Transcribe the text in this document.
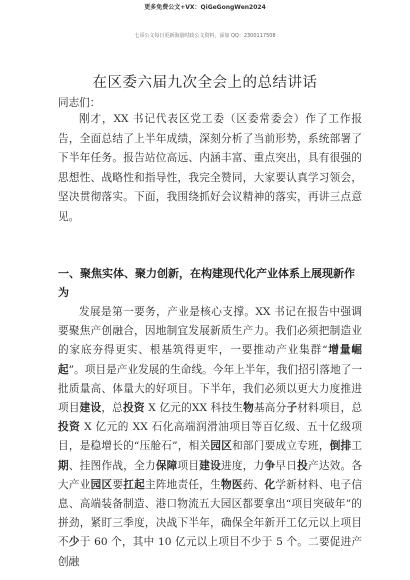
更多免费公文+VX：QiGeGongWen2024
七哥公文每日更新海量时政公文资料，添加 QQ：2300117508
在区委六届九次全会上的总结讲话
同志们：
刚才，XX 书记代表区党工委（区委常委会）作了工作报告，全面总结了上半年成绩，深刻分析了当前形势，系统部署了下半年任务。报告站位高远、内涵丰富、重点突出，具有很强的思想性、战略性和指导性，我完全赞同，大家要认真学习领会，坚决贯彻落实。下面，我围绕抓好会议精神的落实，再讲三点意见。
一、聚焦实体、聚力创新，在构建现代化产业体系上展现新作为
发展是第一要务，产业是核心支撑。XX 书记在报告中强调要聚焦产创融合，因地制宜发展新质生产力。我们必须把制造业的家底夯得更实、根基筑得更牢，一要推动产业集群“增量崛起”。项目是产业发展的生命线。今年上半年，我们招引落地了一批质量高、体量大的好项目。下半年，我们必须以更大力度推进项目建设，总投资 X 亿元的XX 科技生物基高分子材料项目，总投资 X 亿元的 XX 石化高端润滑油项目等百亿级、五十亿级项目，是稳增长的“压舱石”，相关园区和部门要成立专班，倒排工期、挂图作战，全力保障项目建设进度，力争早日投产达效。各大产业园区要扛起主阵地责任，生物医药、化学新材料、电子信息、高端装备制造、港口物流五大园区都要拿出“项目突破年”的拼劲，紧盯三季度，决战下半年，确保全年新开工亿元以上项目不少于 60 个，其中 10 亿元以上项目不少于 5 个。二要促进产创融
